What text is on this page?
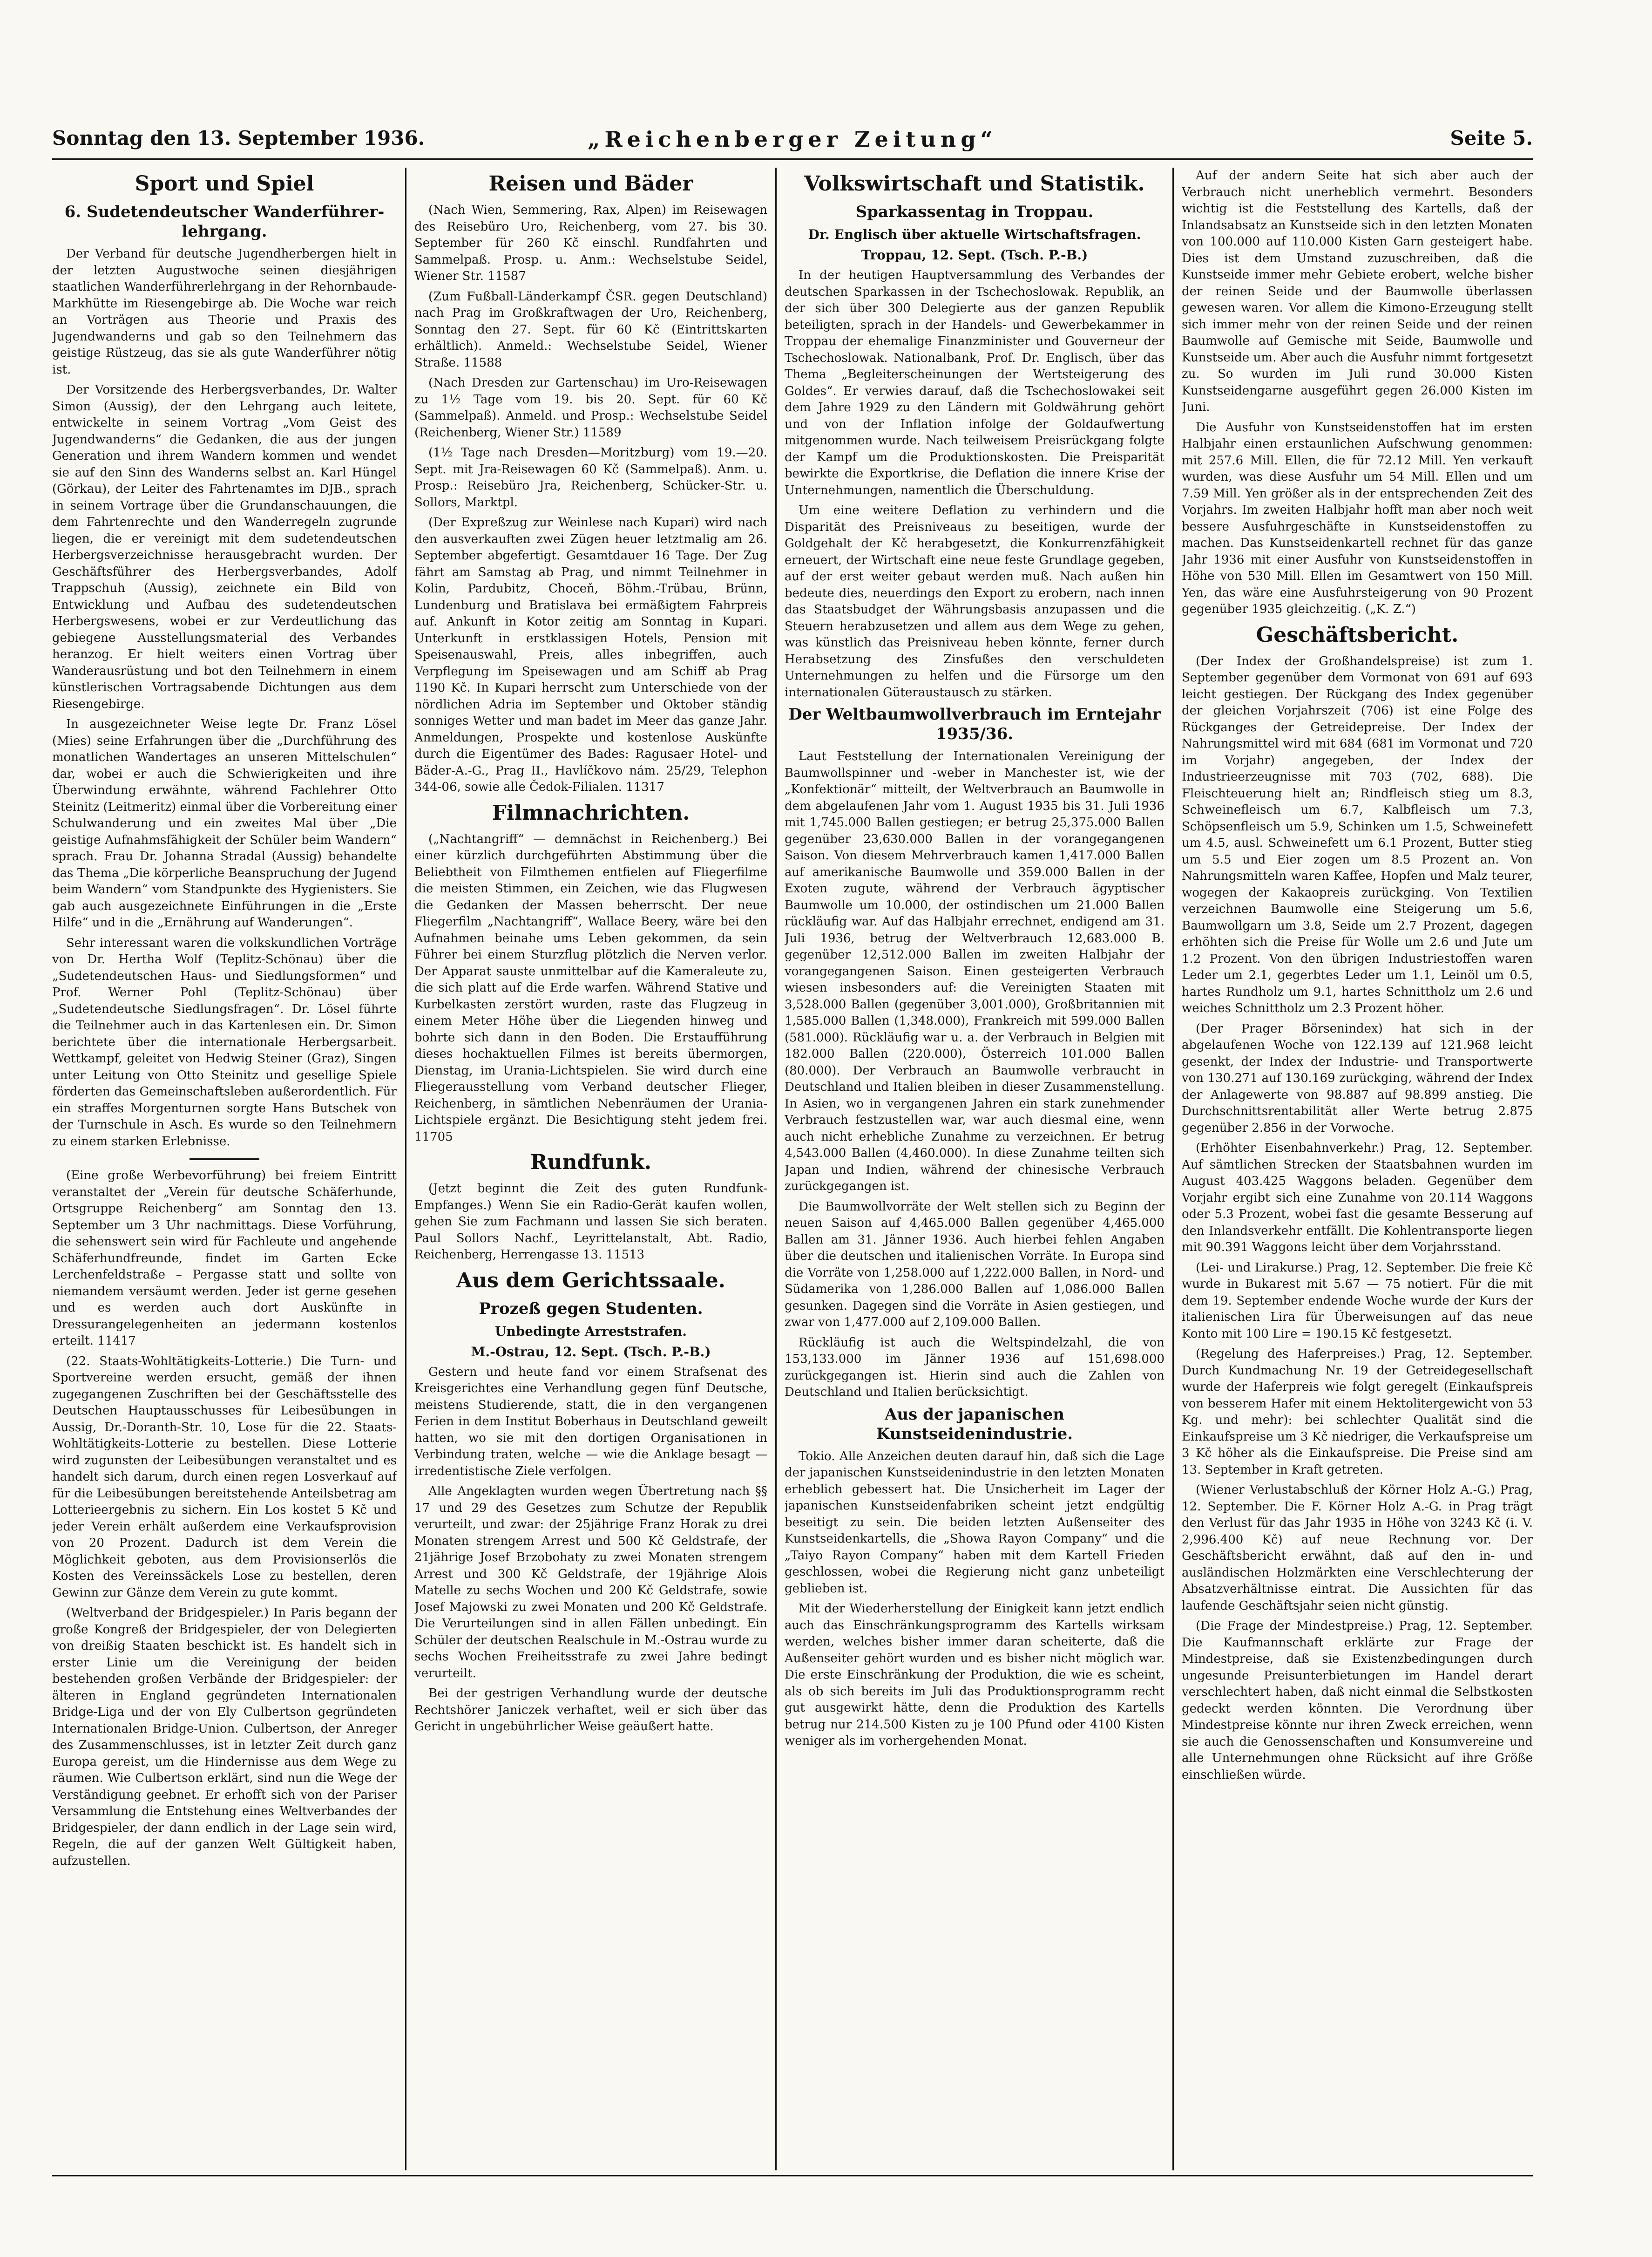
Sonntag den 13. September 1936.	„Reichenberger Zeitung“	Seite 5.
Sport und Spiel
6. Sudetendeutscher Wanderführer-lehrgang.

Der Verband für deutsche Jugendherbergen hielt in der letzten Augustwoche seinen diesjährigen staatlichen Wanderführerlehrgang in der Rehornbaude-Markhütte im Riesengebirge ab. Die Woche war reich an Vorträgen aus Theorie und Praxis des Jugendwanderns und gab so den Teilnehmern das geistige Rüstzeug, das sie als gute Wanderführer nötig ist.

Der Vorsitzende des Herbergsverbandes, Dr. Walter Simon (Aussig), der den Lehrgang auch leitete, entwickelte in seinem Vortrag „Vom Geist des Jugendwanderns“ die Gedanken, die aus der jungen Generation und ihrem Wandern kommen und wendet sie auf den Sinn des Wanderns selbst an. Karl Hüngel (Görkau), der Leiter des Fahrtenamtes im DJB., sprach in seinem Vortrage über die Grundanschauungen, die dem Fahrtenrechte und den Wanderregeln zugrunde liegen, die er vereinigt mit dem sudetendeutschen Herbergsverzeichnisse herausgebracht wurden. Der Geschäftsführer des Herbergsverbandes, Adolf Trappschuh (Aussig), zeichnete ein Bild von Entwicklung und Aufbau des sudetendeutschen Herbergswesens, wobei er zur Verdeutlichung das gebiegene Ausstellungsmaterial des Verbandes heranzog. Er hielt weiters einen Vortrag über Wanderausrüstung und bot den Teilnehmern in einem künstlerischen Vortragsabende Dichtungen aus dem Riesengebirge.

In ausgezeichneter Weise legte Dr. Franz Lösel (Mies) seine Erfahrungen über die „Durchführung des monatlichen Wandertages an unseren Mittelschulen“ dar, wobei er auch die Schwierigkeiten und ihre Überwindung erwähnte, während Fachlehrer Otto Steinitz (Leitmeritz) einmal über die Vorbereitung einer Schulwanderung und ein zweites Mal über „Die geistige Aufnahmsfähigkeit der Schüler beim Wandern“ sprach. Frau Dr. Johanna Stradal (Aussig) behandelte das Thema „Die körperliche Beanspruchung der Jugend beim Wandern“ vom Standpunkte des Hygienisters. Sie gab auch ausgezeichnete Einführungen in die „Erste Hilfe“ und in die „Ernährung auf Wanderungen“.

Sehr interessant waren die volkskundlichen Vorträge von Dr. Hertha Wolf (Teplitz-Schönau) über die „Sudetendeutschen Haus- und Siedlungsformen“ und Prof. Werner Pohl (Teplitz-Schönau) über „Sudetendeutsche Siedlungsfragen“. Dr. Lösel führte die Teilnehmer auch in das Kartenlesen ein. Dr. Simon berichtete über die internationale Herbergsarbeit. Wettkampf, geleitet von Hedwig Steiner (Graz), Singen unter Leitung von Otto Steinitz und gesellige Spiele förderten das Gemeinschaftsleben außerordentlich. Für ein straffes Morgenturnen sorgte Hans Butschek von der Turnschule in Asch. Es wurde so den Teilnehmern zu einem starken Erlebnisse.

(Eine große Werbevorführung) bei freiem Eintritt veranstaltet der „Verein für deutsche Schäferhunde, Ortsgruppe Reichenberg“ am Sonntag den 13. September um 3 Uhr nachmittags. Diese Vorführung, die sehenswert sein wird für Fachleute und angehende Schäferhundfreunde, findet im Garten Ecke Lerchenfeldstraße – Pergasse statt und sollte von niemandem versäumt werden. Jeder ist gerne gesehen und es werden auch dort Auskünfte in Dressurangelegenheiten an jedermann kostenlos erteilt. 11417

(22. Staats-Wohltätigkeits-Lotterie.) Die Turn- und Sportvereine werden ersucht, gemäß der ihnen zugegangenen Zuschriften bei der Geschäftsstelle des Deutschen Hauptausschusses für Leibesübungen in Aussig, Dr.-Doranth-Str. 10, Lose für die 22. Staats-Wohltätigkeits-Lotterie zu bestellen. Diese Lotterie wird zugunsten der Leibesübungen veranstaltet und es handelt sich darum, durch einen regen Losverkauf auf für die Leibesübungen bereitstehende Anteilsbetrag am Lotterieergebnis zu sichern. Ein Los kostet 5 Kč und jeder Verein erhält außerdem eine Verkaufsprovision von 20 Prozent. Dadurch ist dem Verein die Möglichkeit geboten, aus dem Provisionserlös die Kosten des Vereinssäckels Lose zu bestellen, deren Gewinn zur Gänze dem Verein zu gute kommt.

(Weltverband der Bridgespieler.) In Paris begann der große Kongreß der Bridgespieler, der von Delegierten von dreißig Staaten beschickt ist. Es handelt sich in erster Linie um die Vereinigung der beiden bestehenden großen Verbände der Bridgespieler: der älteren in England gegründeten Internationalen Bridge-Liga und der von Ely Culbertson gegründeten Internationalen Bridge-Union. Culbertson, der Anreger des Zusammenschlusses, ist in letzter Zeit durch ganz Europa gereist, um die Hindernisse aus dem Wege zu räumen. Wie Culbertson erklärt, sind nun die Wege der Verständigung geebnet. Er erhofft sich von der Pariser Versammlung die Entstehung eines Weltverbandes der Bridgespieler, der dann endlich in der Lage sein wird, Regeln, die auf der ganzen Welt Gültigkeit haben, aufzustellen.

Reisen und Bäder

(Nach Wien, Semmering, Rax, Alpen) im Reisewagen des Reisebüro Uro, Reichenberg, vom 27. bis 30. September für 260 Kč einschl. Rundfahrten und Sammelpaß. Prosp. u. Anm.: Wechselstube Seidel, Wiener Str. 11587

(Zum Fußball-Länderkampf ČSR. gegen Deutschland) nach Prag im Großkraftwagen der Uro, Reichenberg, Sonntag den 27. Sept. für 60 Kč (Eintrittskarten erhältlich). Anmeld.: Wechselstube Seidel, Wiener Straße. 11588

(Nach Dresden zur Gartenschau) im Uro-Reisewagen zu 1½ Tage vom 19. bis 20. Sept. für 60 Kč (Sammelpaß). Anmeld. und Prosp.: Wechselstube Seidel (Reichenberg, Wiener Str.) 11589

(1½ Tage nach Dresden—Moritzburg) vom 19.—20. Sept. mit Jra-Reisewagen 60 Kč (Sammelpaß). Anm. u. Prosp.: Reisebüro Jra, Reichenberg, Schücker-Str. u. Sollors, Marktpl.

(Der Expreßzug zur Weinlese nach Kupari) wird nach den ausverkauften zwei Zügen heuer letztmalig am 26. September abgefertigt. Gesamtdauer 16 Tage. Der Zug fährt am Samstag ab Prag, und nimmt Teilnehmer in Kolin, Pardubitz, Choceň, Böhm.-Trübau, Brünn, Lundenburg und Bratislava bei ermäßigtem Fahrpreis auf. Ankunft in Kotor zeitig am Sonntag in Kupari. Unterkunft in erstklassigen Hotels, Pension mit Speisenauswahl, Preis, alles inbegriffen, auch Verpflegung im Speisewagen und am Schiff ab Prag 1190 Kč. In Kupari herrscht zum Unterschiede von der nördlichen Adria im September und Oktober ständig sonniges Wetter und man badet im Meer das ganze Jahr. Anmeldungen, Prospekte und kostenlose Auskünfte durch die Eigentümer des Bades: Ragusaer Hotel- und Bäder-A.-G., Prag II., Havlíčkovo nám. 25/29, Telephon 344-06, sowie alle Čedok-Filialen. 11317

Filmnachrichten.

(„Nachtangriff“ — demnächst in Reichenberg.) Bei einer kürzlich durchgeführten Abstimmung über die Beliebtheit von Filmthemen entfielen auf Fliegerfilme die meisten Stimmen, ein Zeichen, wie das Flugwesen die Gedanken der Massen beherrscht. Der neue Fliegerfilm „Nachtangriff“, Wallace Beery, wäre bei den Aufnahmen beinahe ums Leben gekommen, da sein Führer bei einem Sturzflug plötzlich die Nerven verlor. Der Apparat sauste unmittelbar auf die Kameraleute zu, die sich platt auf die Erde warfen. Während Stative und Kurbelkasten zerstört wurden, raste das Flugzeug in einem Meter Höhe über die Liegenden hinweg und bohrte sich dann in den Boden. Die Erstaufführung dieses hochaktuellen Filmes ist bereits übermorgen, Dienstag, im Urania-Lichtspielen. Sie wird durch eine Fliegerausstellung vom Verband deutscher Flieger, Reichenberg, in sämtlichen Nebenräumen der Urania-Lichtspiele ergänzt. Die Besichtigung steht jedem frei. 11705

Rundfunk.

(Jetzt beginnt die Zeit des guten Rundfunk-Empfanges.) Wenn Sie ein Radio-Gerät kaufen wollen, gehen Sie zum Fachmann und lassen Sie sich beraten. Paul Sollors Nachf., Leyrittelanstalt, Abt. Radio, Reichenberg, Herrengasse 13. 11513

Aus dem Gerichtssaale.
Prozeß gegen Studenten.
Unbedingte Arreststrafen.
M.-Ostrau, 12. Sept. (Tsch. P.-B.)

Gestern und heute fand vor einem Strafsenat des Kreisgerichtes eine Verhandlung gegen fünf Deutsche, meistens Studierende, statt, die in den vergangenen Ferien in dem Institut Boberhaus in Deutschland geweilt hatten, wo sie mit den dortigen Organisationen in Verbindung traten, welche — wie die Anklage besagt — irredentistische Ziele verfolgen.

Alle Angeklagten wurden wegen Übertretung nach §§ 17 und 29 des Gesetzes zum Schutze der Republik verurteilt, und zwar: der 25jährige Franz Horak zu drei Monaten strengem Arrest und 500 Kč Geldstrafe, der 21jährige Josef Brzobohaty zu zwei Monaten strengem Arrest und 300 Kč Geldstrafe, der 19jährige Alois Matelle zu sechs Wochen und 200 Kč Geldstrafe, sowie Josef Majowski zu zwei Monaten und 200 Kč Geldstrafe. Die Verurteilungen sind in allen Fällen unbedingt. Ein Schüler der deutschen Realschule in M.-Ostrau wurde zu sechs Wochen Freiheitsstrafe zu zwei Jahre bedingt verurteilt.

Bei der gestrigen Verhandlung wurde der deutsche Rechtshörer Janiczek verhaftet, weil er sich über das Gericht in ungebührlicher Weise geäußert hatte.

Volkswirtschaft und Statistik.
Sparkassentag in Troppau.
Dr. Englisch über aktuelle Wirtschaftsfragen.
Troppau, 12. Sept. (Tsch. P.-B.)

In der heutigen Hauptversammlung des Verbandes der deutschen Sparkassen in der Tschechoslowak. Republik, an der sich über 300 Delegierte aus der ganzen Republik beteiligten, sprach in der Handels- und Gewerbekammer in Troppau der ehemalige Finanzminister und Gouverneur der Tschechoslowak. Nationalbank, Prof. Dr. Englisch, über das Thema „Begleiterscheinungen der Wertsteigerung des Goldes“. Er verwies darauf, daß die Tschechoslowakei seit dem Jahre 1929 zu den Ländern mit Goldwährung gehört und von der Inflation infolge der Goldaufwertung mitgenommen wurde. Nach teilweisem Preisrückgang folgte der Kampf um die Produktionskosten. Die Preisparität bewirkte die Exportkrise, die Deflation die innere Krise der Unternehmungen, namentlich die Überschuldung.

Um eine weitere Deflation zu verhindern und die Disparität des Preisniveaus zu beseitigen, wurde der Goldgehalt der Kč herabgesetzt, die Konkurrenzfähigkeit erneuert, der Wirtschaft eine neue feste Grundlage gegeben, auf der erst weiter gebaut werden muß. Nach außen hin bedeute dies, neuerdings den Export zu erobern, nach innen das Staatsbudget der Währungsbasis anzupassen und die Steuern herabzusetzen und allem aus dem Wege zu gehen, was künstlich das Preisniveau heben könnte, ferner durch Herabsetzung des Zinsfußes den verschuldeten Unternehmungen zu helfen und die Fürsorge um den internationalen Güteraustausch zu stärken.

Der Weltbaumwollverbrauch im Erntejahr 1935/36.

Laut Feststellung der Internationalen Vereinigung der Baumwollspinner und -weber in Manchester ist, wie der „Konfektionär“ mitteilt, der Weltverbrauch an Baumwolle in dem abgelaufenen Jahr vom 1. August 1935 bis 31. Juli 1936 mit 1,745.000 Ballen gestiegen; er betrug 25,375.000 Ballen gegenüber 23,630.000 Ballen in der vorangegangenen Saison. Von diesem Mehrverbrauch kamen 1,417.000 Ballen auf amerikanische Baumwolle und 359.000 Ballen in der Exoten zugute, während der Verbrauch ägyptischer Baumwolle um 10.000, der ostindischen um 21.000 Ballen rückläufig war. Auf das Halbjahr errechnet, endigend am 31. Juli 1936, betrug der Weltverbrauch 12,683.000 B. gegenüber 12,512.000 Ballen im zweiten Halbjahr der vorangegangenen Saison. Einen gesteigerten Verbrauch wiesen insbesonders auf: die Vereinigten Staaten mit 3,528.000 Ballen (gegenüber 3,001.000), Großbritannien mit 1,585.000 Ballen (1,348.000), Frankreich mit 599.000 Ballen (581.000). Rückläufig war u. a. der Verbrauch in Belgien mit 182.000 Ballen (220.000), Österreich 101.000 Ballen (80.000). Der Verbrauch an Baumwolle verbraucht in Deutschland und Italien bleiben in dieser Zusammenstellung. In Asien, wo in vergangenen Jahren ein stark zunehmender Verbrauch festzustellen war, war auch diesmal eine, wenn auch nicht erhebliche Zunahme zu verzeichnen. Er betrug 4,543.000 Ballen (4,460.000). In diese Zunahme teilten sich Japan und Indien, während der chinesische Verbrauch zurückgegangen ist.

Die Baumwollvorräte der Welt stellen sich zu Beginn der neuen Saison auf 4,465.000 Ballen gegenüber 4,465.000 Ballen am 31. Jänner 1936. Auch hierbei fehlen Angaben über die deutschen und italienischen Vorräte. In Europa sind die Vorräte von 1,258.000 auf 1,222.000 Ballen, in Nord- und Südamerika von 1,286.000 Ballen auf 1,086.000 Ballen gesunken. Dagegen sind die Vorräte in Asien gestiegen, und zwar von 1,477.000 auf 2,109.000 Ballen.

Rückläufig ist auch die Weltspindelzahl, die von 153,133.000 im Jänner 1936 auf 151,698.000 zurückgegangen ist. Hierin sind auch die Zahlen von Deutschland und Italien berücksichtigt.

Aus der japanischen Kunstseidenindustrie.

Tokio. Alle Anzeichen deuten darauf hin, daß sich die Lage der japanischen Kunstseidenindustrie in den letzten Monaten erheblich gebessert hat. Die Unsicherheit im Lager der japanischen Kunstseidenfabriken scheint jetzt endgültig beseitigt zu sein. Die beiden letzten Außenseiter des Kunstseidenkartells, die „Showa Rayon Company“ und die „Taiyo Rayon Company“ haben mit dem Kartell Frieden geschlossen, wobei die Regierung nicht ganz unbeteiligt geblieben ist.

Mit der Wiederherstellung der Einigkeit kann jetzt endlich auch das Einschränkungsprogramm des Kartells wirksam werden, welches bisher immer daran scheiterte, daß die Außenseiter gehört wurden und es bisher nicht möglich war. Die erste Einschränkung der Produktion, die wie es scheint, als ob sich bereits im Juli das Produktionsprogramm recht gut ausgewirkt hätte, denn die Produktion des Kartells betrug nur 214.500 Kisten zu je 100 Pfund oder 4100 Kisten weniger als im vorhergehenden Monat.

Auf der andern Seite hat sich aber auch der Verbrauch nicht unerheblich vermehrt. Besonders wichtig ist die Feststellung des Kartells, daß der Inlandsabsatz an Kunstseide sich in den letzten Monaten von 100.000 auf 110.000 Kisten Garn gesteigert habe. Dies ist dem Umstand zuzuschreiben, daß die Kunstseide immer mehr Gebiete erobert, welche bisher der reinen Seide und der Baumwolle überlassen gewesen waren. Vor allem die Kimono-Erzeugung stellt sich immer mehr von der reinen Seide und der reinen Baumwolle auf Gemische mit Seide, Baumwolle und Kunstseide um. Aber auch die Ausfuhr nimmt fortgesetzt zu. So wurden im Juli rund 30.000 Kisten Kunstseidengarne ausgeführt gegen 26.000 Kisten im Juni.

Die Ausfuhr von Kunstseidenstoffen hat im ersten Halbjahr einen erstaunlichen Aufschwung genommen: mit 257.6 Mill. Ellen, die für 72.12 Mill. Yen verkauft wurden, was diese Ausfuhr um 54 Mill. Ellen und um 7.59 Mill. Yen größer als in der entsprechenden Zeit des Vorjahrs. Im zweiten Halbjahr hofft man aber noch weit bessere Ausfuhrgeschäfte in Kunstseidenstoffen zu machen. Das Kunstseidenkartell rechnet für das ganze Jahr 1936 mit einer Ausfuhr von Kunstseidenstoffen in Höhe von 530 Mill. Ellen im Gesamtwert von 150 Mill. Yen, das wäre eine Ausfuhrsteigerung von 90 Prozent gegenüber 1935 gleichzeitig. („K. Z.“)

Geschäftsbericht.

(Der Index der Großhandelspreise) ist zum 1. September gegenüber dem Vormonat von 691 auf 693 leicht gestiegen. Der Rückgang des Index gegenüber der gleichen Vorjahrszeit (706) ist eine Folge des Rückganges der Getreidepreise. Der Index der Nahrungsmittel wird mit 684 (681 im Vormonat und 720 im Vorjahr) angegeben, der Index der Industrieerzeugnisse mit 703 (702, 688). Die Fleischteuerung hielt an; Rindfleisch stieg um 8.3, Schweinefleisch um 6.7, Kalbfleisch um 7.3, Schöpsenfleisch um 5.9, Schinken um 1.5, Schweinefett um 4.5, ausl. Schweinefett um 6.1 Prozent, Butter stieg um 5.5 und Eier zogen um 8.5 Prozent an. Von Nahrungsmitteln waren Kaffee, Hopfen und Malz teurer, wogegen der Kakaopreis zurückging. Von Textilien verzeichnen Baumwolle eine Steigerung um 5.6, Baumwollgarn um 3.8, Seide um 2.7 Prozent, dagegen erhöhten sich die Preise für Wolle um 2.6 und Jute um 1.2 Prozent. Von den übrigen Industriestoffen waren Leder um 2.1, gegerbtes Leder um 1.1, Leinöl um 0.5, hartes Rundholz um 9.1, hartes Schnittholz um 2.6 und weiches Schnittholz um 2.3 Prozent höher.

(Der Prager Börsenindex) hat sich in der abgelaufenen Woche von 122.139 auf 121.968 leicht gesenkt, der Index der Industrie- und Transportwerte von 130.271 auf 130.169 zurückging, während der Index der Anlagewerte von 98.887 auf 98.899 anstieg. Die Durchschnittsrentabilität aller Werte betrug 2.875 gegenüber 2.856 in der Vorwoche.

(Erhöhter Eisenbahnverkehr.) Prag, 12. September. Auf sämtlichen Strecken der Staatsbahnen wurden im August 403.425 Waggons beladen. Gegenüber dem Vorjahr ergibt sich eine Zunahme von 20.114 Waggons oder 5.3 Prozent, wobei fast die gesamte Besserung auf den Inlandsverkehr entfällt. Die Kohlentransporte liegen mit 90.391 Waggons leicht über dem Vorjahrsstand.

(Lei- und Lirakurse.) Prag, 12. September. Die freie Kč wurde in Bukarest mit 5.67 — 75 notiert. Für die mit dem 19. September endende Woche wurde der Kurs der italienischen Lira für Überweisungen auf das neue Konto mit 100 Lire = 190.15 Kč festgesetzt.

(Regelung des Haferpreises.) Prag, 12. September. Durch Kundmachung Nr. 19 der Getreidegesellschaft wurde der Haferpreis wie folgt geregelt (Einkaufspreis von besserem Hafer mit einem Hektolitergewicht von 53 Kg. und mehr): bei schlechter Qualität sind die Einkaufspreise um 3 Kč niedriger, die Verkaufspreise um 3 Kč höher als die Einkaufspreise. Die Preise sind am 13. September in Kraft getreten.

(Wiener Verlustabschluß der Körner Holz A.-G.) Prag, 12. September. Die F. Körner Holz A.-G. in Prag trägt den Verlust für das Jahr 1935 in Höhe von 3243 Kč (i. V. 2,996.400 Kč) auf neue Rechnung vor. Der Geschäftsbericht erwähnt, daß auf den in- und ausländischen Holzmärkten eine Verschlechterung der Absatzverhältnisse eintrat. Die Aussichten für das laufende Geschäftsjahr seien nicht günstig.

(Die Frage der Mindestpreise.) Prag, 12. September. Die Kaufmannschaft erklärte zur Frage der Mindestpreise, daß sie Existenzbedingungen durch ungesunde Preisunterbietungen im Handel derart verschlechtert haben, daß nicht einmal die Selbstkosten gedeckt werden könnten. Die Verordnung über Mindestpreise könnte nur ihren Zweck erreichen, wenn sie auch die Genossenschaften und Konsumvereine und alle Unternehmungen ohne Rücksicht auf ihre Größe einschließen würde.
